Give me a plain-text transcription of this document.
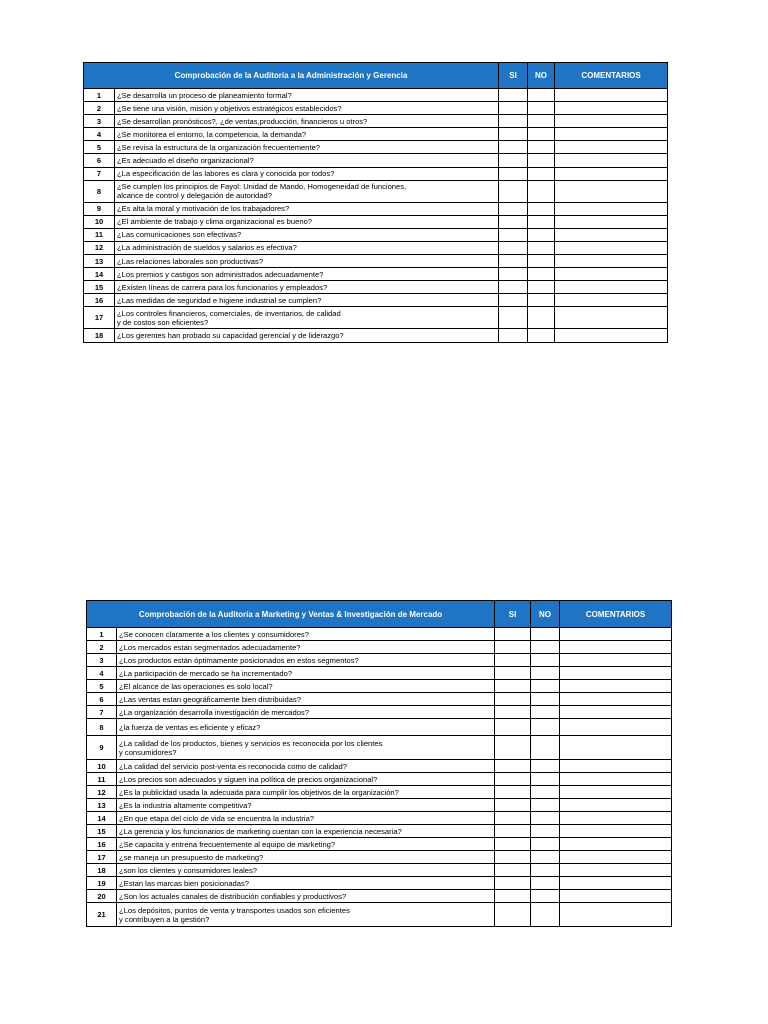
Comprobación de la Auditoría a la Administración y Gerencia		SI	NO	COMENTARIOS
1	¿Se desarrolla un proceso de planeamiento formal?			
2	¿Se tiene una visión, misión y objetivos estratégicos establecidos?			
3	¿Se desarrollan pronósticos?, ¿de ventas,producción, financieros u otros?			
4	¿Se monitorea el entorno, la competencia, la demanda?			
5	¿Se revisa la estructura de la organización frecuentemente?			
6	¿Es adecuado el diseño organizacional?			
7	¿La especificación de las labores es clara y conocida por todos?			
8	¿Se cumplen los principios de Fayol: Unidad de Mando, Homogeneidad de funciones,
alcance de control y delegación de autoridad?			
9	¿Es alta la moral y motivación de los trabajadores?			
10	¿El ambiente de trabajo y clima organizacional es bueno?			
11	¿Las comunicaciones son efectivas?			
12	¿La administración de sueldos y salarios es efectiva?			
13	¿Las relaciones laborales son productivas?			
14	¿Los premios y castigos son administrados adecuadamente?			
15	¿Existen líneas de carrera para los funcionarios y empleados?			
16	¿Las medidas de seguridad e higiene industrial se cumplen?			
17	¿Los controles financieros, comerciales, de inventarios, de calidad
y de costos son eficientes?			
18	¿Los gerentes han probado su capacidad gerencial y de liderazgo?			
Comprobación de la Auditoría a Marketing y Ventas & Investigación de Mercado		SI	NO	COMENTARIOS
1	¿Se conocen claramente a los clientes y consumidores?			
2	¿Los mercados estan segmentados adecuadamente?			
3	¿Los productos están óptimamente posicionados en estos segmentos?			
4	¿La participación de mercado se ha incrementado?			
5	¿El alcance de las operaciones es solo local?			
6	¿Las ventas estan geográficamente bien distribuidas?			
7	¿La organización desarrolla investigación de mercados?			
8	¿la fuerza de ventas es eficiente y eficaz?			
9	¿La calidad de los productos, bienes y servicios es reconocida por los clientes
y consumidores?			
10	¿La calidad del servicio post-venta es reconocida como de calidad?			
11	¿Los precios son adecuados y siguen ina política de precios organizacional?			
12	¿Es la publicidad usada la adecuada para cumplir los objetivos de la organización?			
13	¿Es la industria altamente competitiva?			
14	¿En que etapa del ciclo de vida se encuentra la industria?			
15	¿La gerencia y los funcionarios de marketing cuentan con la experiencia necesaria?			
16	¿Se capacita y entrena frecuentemente al equipo de marketing?			
17	¿se maneja un presupuesto de marketing?			
18	¿son los clientes y consumidores leales?			
19	¿Estan las marcas bien posicionadas?			
20	¿Son los actuales canales de distribución confiables y productivos?			
21	¿Los depósitos, puntos de venta y transportes usados son eficientes
y contribuyen a la gestión?			
